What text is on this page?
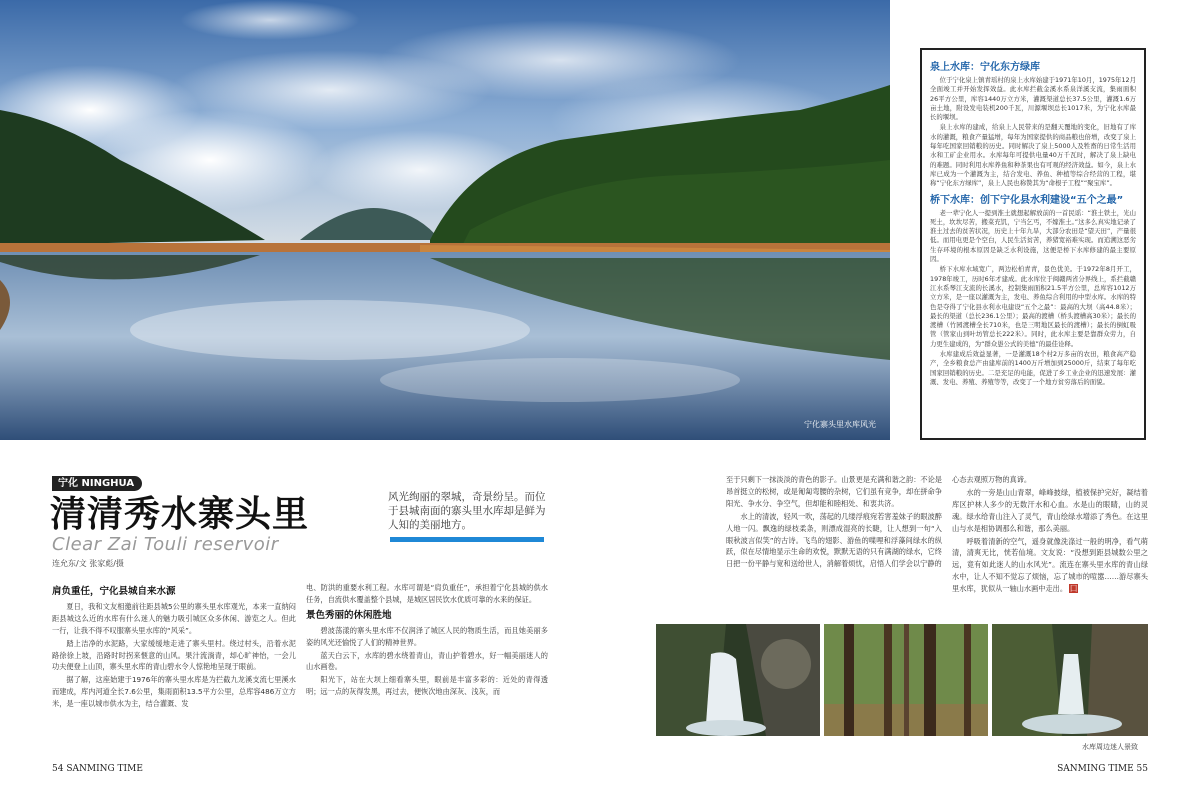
宁化寨头里水库风光
泉上水库：宁化东方绿库

位于宁化泉上镇青瑶村的泉上水库始建于1971年10月，1975年12月全面竣工并开始发挥效益。此水库拦截金溪水系泉洋溪支流，集雨面积26平方公里，库容1440万立方米，灌溉渠道总长37.5公里，灌溉1.6万亩土地，附设发电装机200千瓦，川源堰坝总长1017米，为宁化水库最长的堰坝。

泉上水库的建成，给泉上人民带来的是翻天覆地的变化，旧地有了库水的灌溉，粮食产量猛增，每年为国家提供的商品粮也倍增，改变了泉上每年吃国家回销粮的历史。同时解决了泉上5000人及牲畜的日常生活用水和工矿企业用水。水库每年可提供电量40万千瓦时，解决了泉上缺电的难题。同时利用水库养鱼和种茶果也有可观的经济效益。如今，泉上水库已成为一个灌溉为主，结合发电、养鱼、种植等综合经营的工程，堪称“宁化东方绿库”，泉上人民也称赞其为“命根子工程”“聚宝库”。

桥下水库：创下宁化县水利建设“五个之最”

老一辈宁化人一提到淮土就想起解放前的一首民谣：“淮土铁土，光山死土，坎坎尽苦，搬菜充饥，宁当乞丐，不嫁淮土。”这多么真实地记录了淮土过去的贫苦状况，历史上十年九旱，大部分农田是“望天田”，产量很低。而用电更是个空白，人民生活贫苦，养猪宽裕难实现。而追溯这恶劣生存环境的根本原因是缺乏水利设施，这便是桥下水库修建的最主要原因。

桥下水库水域宽广，两边松柏青青，景色优美。于1972年8月开工，1978年竣工，历时6年才建成。此水库位于闽赣两省分界线上，系拦截赣江水系琴江支流的长溪水，控制集雨面积21.5平方公里，总库容1012万立方米，是一座以灌溉为主，发电、养鱼综合利用的中型水库。水库的特色是夺得了宁化县水利水电建设“五个之最”：最高的大坝（高44.8米）；最长的渠道（总长236.1公里）；最高的渡槽（桥头渡槽高30米）；最长的渡槽（竹园渡槽全长710米，也是三明地区最长的渡槽）；最长的倒虹吸管（管家山到叶坊管总长222米）。同时，此水库主要是靠群众劳力，自力更生建成的，为“群众愚公式的美德”的最佳诠释。

水库建成后效益显著，一是灌溉18个村2万多亩的农田，粮食高产稳产，全乡粮食总产由建库前的1400万斤增加到25000斤，结束了每年吃国家回销粮的历史。二是充足的电能，促进了乡工业企业的迅速发展：灌溉、发电、养殖、养殖等等，改变了一个地方贫穷落后的面貌。

宁化 NINGHUA
清清秀水寨头里
Clear Zai Touli reservoir
连允东/文 张家彪/摄
风光绚丽的翠城，奇景纷呈。而位于县城南面的寨头里水库却是鲜为人知的美丽地方。
肩负重任，宁化县城自来水源

夏日，我和文友相邀前往距县城5公里的寨头里水库观光，本来一直纳闷距县城这么近的水库有什么迷人的魅力吸引城区众多休闲、游览之人。但此一行，让我不得不叹服寨头里水库的“风采”。

踏上洁净的水泥路，大家缓缓地走进了寨头里村。绕过村头，沿着水泥路徐徐上坡，沿路时时拐来惬意的山风。果汁流淌青，却心旷神怡，一会儿功夫便登上山顶，寨头里水库的青山碧水令人惊艳地呈现于眼前。

据了解，这座始建于1976年的寨头里水库是为拦截九龙溪支流七里溪水而建成，库内河道全长7.6公里，集雨面积13.5平方公里，总库容486万立方米，是一座以城市供水为主，结合灌溉、发

电、防洪的重要水利工程。水库可谓是“肩负重任”，承担着宁化县城的供水任务，自流供水覆盖整个县城，是城区居民饮水优质可靠的水来的保证。

景色秀丽的休闲胜地

碧波荡漾的寨头里水库不仅润泽了城区人民的物质生活，而且她美丽多姿的风光还愉悦了人们的精神世界。

蓝天白云下，水库的碧水绕着青山，青山护着碧水，好一幅美丽迷人的山水画卷。

阳光下，站在大坝上细看寨头里，眼前是丰富多彩的：近处的青得透明；远一点的灰得发黑，再过去，便恢次地由深灰、浅灰，而

至于只剩下一抹淡淡的青色的影子。山景更是充满和谐之韵：不论是昂首挺立的松树，或是匍匐弯腰的杂树，它们虽有竞争，却在拼命争阳光、争水分、争空气，但却能和睦相处、和衷共济。

水上的清波，轻风一吹，荡起的几缕浮痕宛若害羞妹子的眼波醉人地一闪。飘逸的绿枝柔条，则漂成湿亮的长睫，让人想到一句“入眼秋波言似笑”的古诗。飞鸟的翅影、游鱼的喋哩和浮藻间绿水的纵跃，似在尽情地显示生命的欢悦，默默无语的只有满湖的绿水，它终日把一份平静与宽和送给世人，消解着烦忧，启悟人们学会以宁静的

心态去观照万物的真谛。

水的一旁是山山青翠，峰峰披绿，植被保护完好，凝结着库区护林人多少的无数汗水和心血。水是山的眼睛，山的灵魂。绿水给青山注入了灵气，青山绘绿水增添了秀色。在这里山与水是相协调那么和谐，那么美丽。

呼吸着清新的空气，遥身就像洗涤过一般的明净，看气萌清，清爽无比，恍若仙境。文友说：“没想到距县城数公里之远，竟有如此迷人的山水风光”。流连在寨头里水库的青山绿水中，让人不知不觉忘了烦恼，忘了城市的喧嚣……游尽寨头里水库，犹似从一轴山水画中走出。 囗

水库周边迷人景致
54 SANMING TIME	SANMING TIME 55
